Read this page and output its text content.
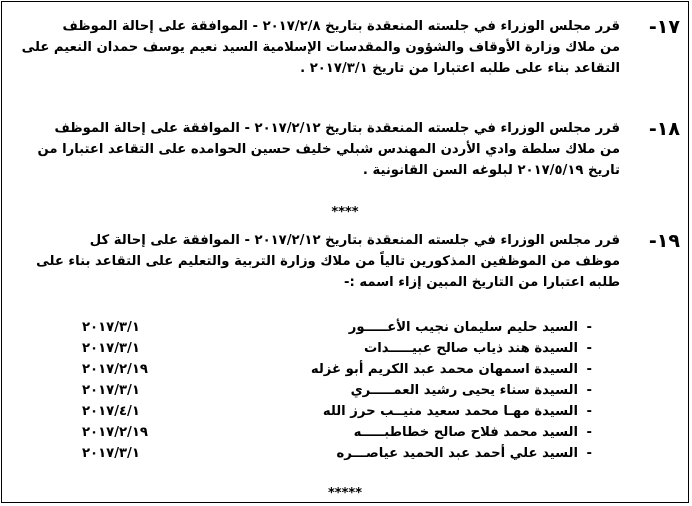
١٧-
قرر مجلس الوزراء في جلسته المنعقدة بتاريخ ٢٠١٧/٢/٨ - الموافقة على إحالة الموظف
من ملاك وزارة الأوقاف والشؤون والمقدسات الإسلامية السيد نعيم يوسف حمدان النعيم على
التقاعد بناء على طلبه اعتبارا من تاريخ ٢٠١٧/٣/١ .
١٨-
قرر مجلس الوزراء في جلسته المنعقدة بتاريخ ٢٠١٧/٢/١٢ - الموافقة على إحالة الموظف
من ملاك سلطة وادي الأردن المهندس شبلي خليف حسين الحوامده على التقاعد اعتبارا من
تاريخ ٢٠١٧/٥/١٩ لبلوغه السن القانونية .
****
١٩-
قرر مجلس الوزراء في جلسته المنعقدة بتاريخ ٢٠١٧/٢/١٢ - الموافقة على إحالة كل
موظف من الموظفين المذكورين تالياً من ملاك وزارة التربية والتعليم على التقاعد بناء على
طلبه اعتبارا من التاريخ المبين إزاء اسمه :-
-
السيد حليم سليمان نجيب الأعـــــور
٢٠١٧/٣/١
-
السيدة هند ذياب صالح عبيـــــدات
٢٠١٧/٣/١
-
السيدة اسمهان محمد عبد الكريم أبو غزله
٢٠١٧/٢/١٩
-
السيدة سناء يحيى رشيد العمـــــري
٢٠١٧/٣/١
-
السيدة مهـا محمد سعيد منيــب حرز الله
٢٠١٧/٤/١
-
السيد محمد فلاح صالح خطاطبـــــه
٢٠١٧/٢/١٩
-
السيد علي أحمد عبد الحميد عياصـــره
٢٠١٧/٣/١
*****
